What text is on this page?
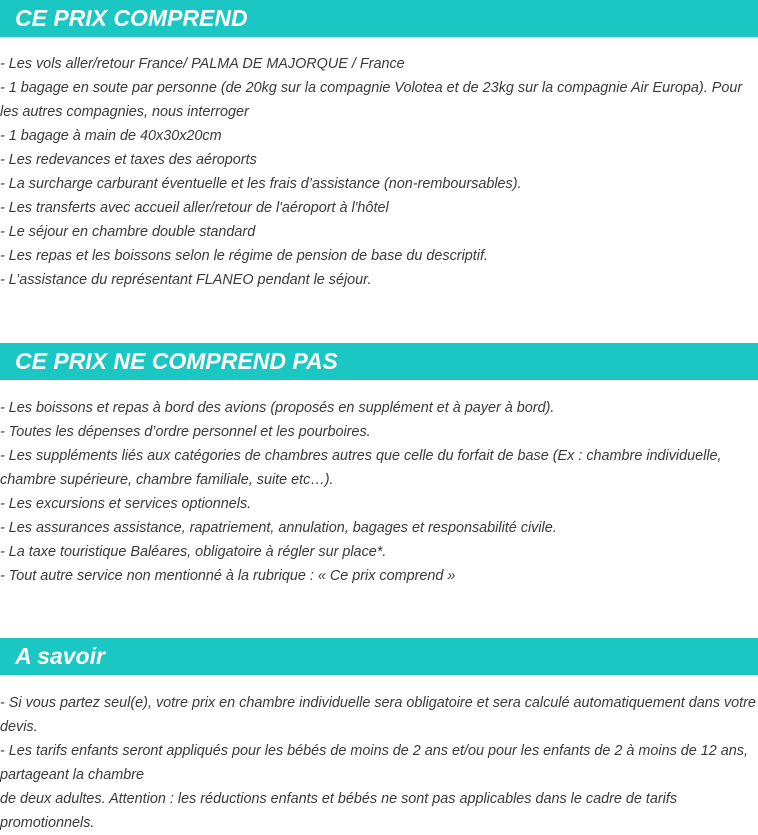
CE PRIX COMPREND
- Les vols aller/retour France/ PALMA DE MAJORQUE / France
- 1 bagage en soute par personne (de 20kg sur la compagnie Volotea et de 23kg sur la compagnie Air Europa). Pour les autres compagnies, nous interroger
- 1 bagage à main de 40x30x20cm
- Les redevances et taxes des aéroports
- La surcharge carburant éventuelle et les frais d’assistance (non-remboursables).
- Les transferts avec accueil aller/retour de l'aéroport à l'hôtel
- Le séjour en chambre double standard
- Les repas et les boissons selon le régime de pension de base du descriptif.
- L’assistance du représentant FLANEO pendant le séjour.
CE PRIX NE COMPREND PAS
- Les boissons et repas à bord des avions (proposés en supplément et à payer à bord).
- Toutes les dépenses d’ordre personnel et les pourboires.
- Les suppléments liés aux catégories de chambres autres que celle du forfait de base (Ex : chambre individuelle, chambre supérieure, chambre familiale, suite etc…).
- Les excursions et services optionnels.
- Les assurances assistance, rapatriement, annulation, bagages et responsabilité civile.
- La taxe touristique Baléares, obligatoire à régler sur place*.
- Tout autre service non mentionné à la rubrique : « Ce prix comprend »
A savoir
- Si vous partez seul(e), votre prix en chambre individuelle sera obligatoire et sera calculé automatiquement dans votre devis.
- Les tarifs enfants seront appliqués pour les bébés de moins de 2 ans et/ou pour les enfants de 2 à moins de 12 ans, partageant la chambre
de deux adultes. Attention : les réductions enfants et bébés ne sont pas applicables dans le cadre de tarifs promotionnels.
